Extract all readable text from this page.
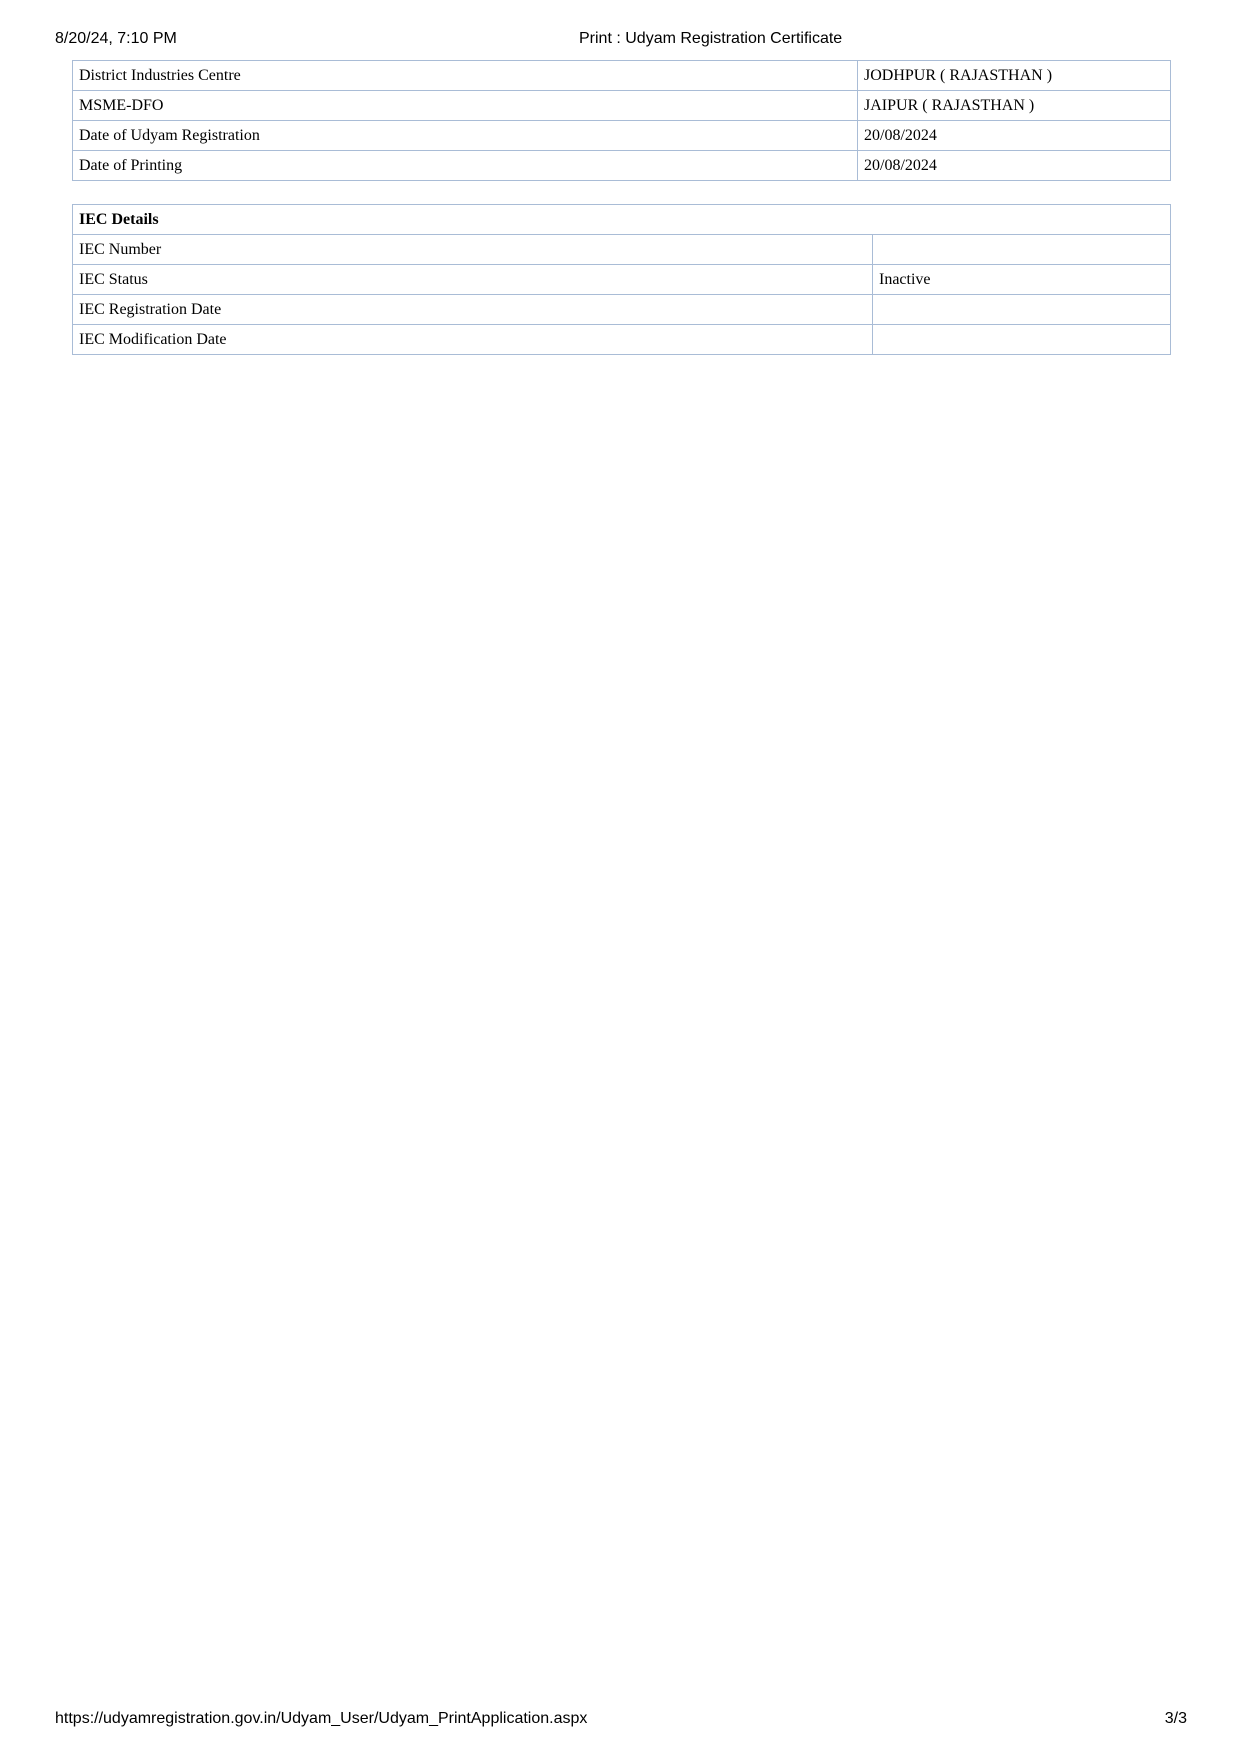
8/20/24, 7:10 PM	Print : Udyam Registration Certificate
District Industries Centre	JODHPUR ( RAJASTHAN )
MSME-DFO	JAIPUR ( RAJASTHAN )
Date of Udyam Registration	20/08/2024
Date of Printing	20/08/2024
IEC Details	
IEC Number	
IEC Status	Inactive
IEC Registration Date	
IEC Modification Date	
https://udyamregistration.gov.in/Udyam_User/Udyam_PrintApplication.aspx	3/3
